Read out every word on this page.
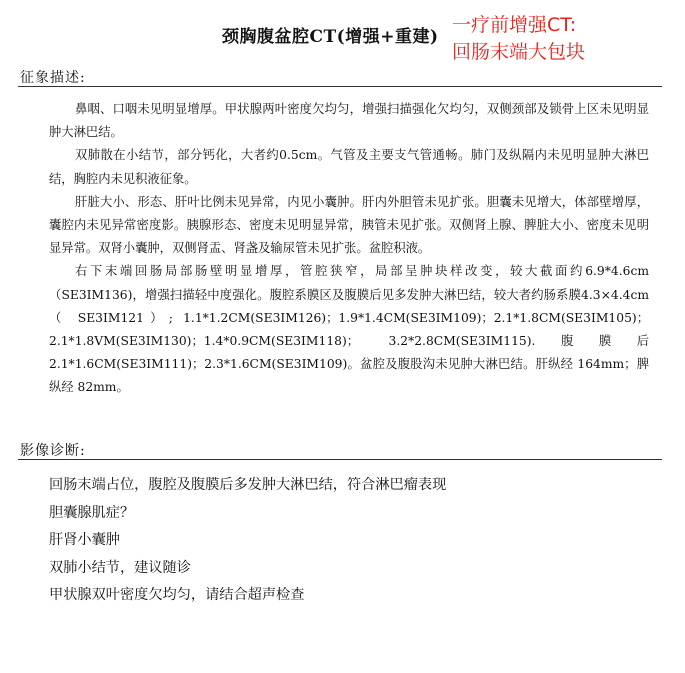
颈胸腹盆腔CT(增强+重建)
一疗前增强CT:
回肠末端大包块
征象描述:

鼻咽、口咽未见明显增厚。甲状腺两叶密度欠均匀，增强扫描强化欠均匀，双侧颈部及锁骨上区未见明显肿大淋巴结。

双肺散在小结节，部分钙化，大者约0.5cm。气管及主要支气管通畅。肺门及纵隔内未见明显肿大淋巴结，胸腔内未见积液征象。

肝脏大小、形态、肝叶比例未见异常，内见小囊肿。肝内外胆管未见扩张。胆囊未见增大，体部壁增厚，囊腔内未见异常密度影。胰腺形态、密度未见明显异常，胰管未见扩张。双侧肾上腺、脾脏大小、密度未见明显异常。双肾小囊肿，双侧肾盂、肾盏及输尿管未见扩张。盆腔积液。

右下末端回肠局部肠壁明显增厚，管腔狭窄，局部呈肿块样改变，较大截面约6.9*4.6cm（SE3IM136)，增强扫描轻中度强化。腹腔系膜区及腹膜后见多发肿大淋巴结，较大者约肠系膜4.3×4.4cm（ SE3IM121）; 1.1*1.2CM(SE3IM126)；1.9*1.4CM(SE3IM109)；2.1*1.8CM(SE3IM105)；2.1*1.8VM(SE3IM130)；1.4*0.9CM(SE3IM118)； 3.2*2.8CM(SE3IM115).腹膜后 2.1*1.6CM(SE3IM111)；2.3*1.6CM(SE3IM109)。盆腔及腹股沟未见肿大淋巴结。肝纵经 164mm；脾纵经 82mm。

影像诊断:
回肠末端占位，腹腔及腹膜后多发肿大淋巴结，符合淋巴瘤表现
胆囊腺肌症？
肝肾小囊肿
双肺小结节，建议随诊
甲状腺双叶密度欠均匀，请结合超声检查
